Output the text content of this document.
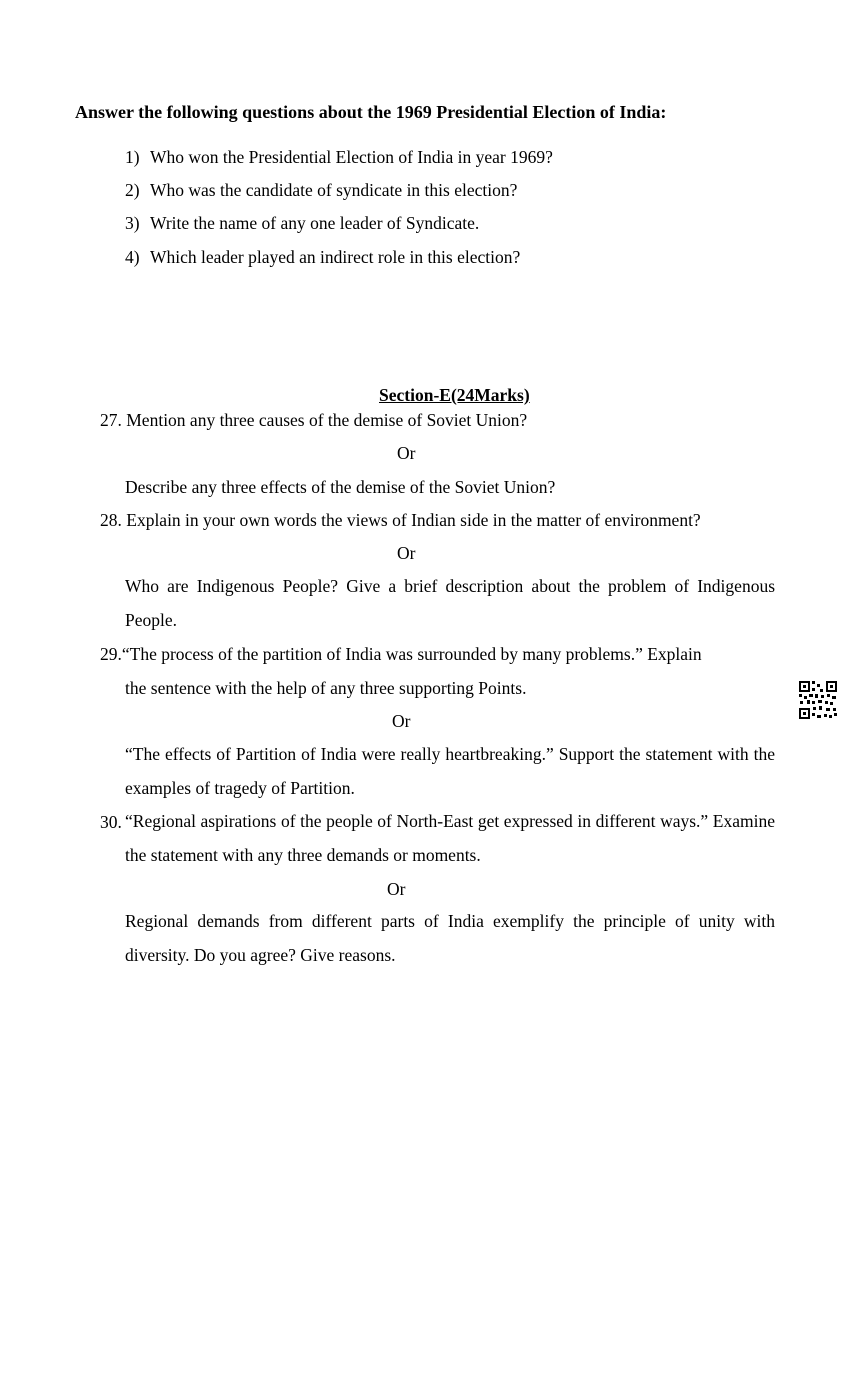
Answer the following questions about the 1969 Presidential Election of India:
1) Who won the Presidential Election of India in year 1969?
2) Who was the candidate of syndicate in this election?
3) Write the name of any one leader of Syndicate.
4) Which leader played an indirect role in this election?
Section-E(24Marks)
27. Mention any three causes of the demise of Soviet Union?
Or
Describe any three effects of the demise of the Soviet Union?
28. Explain in your own words the views of Indian side in the matter of environment?
Or
Who are Indigenous People? Give a brief description about the problem of Indigenous People.
29.“The process of the partition of India was surrounded by many problems.” Explain
the sentence with the help of any three supporting Points.
Or
“The effects of Partition of India were really heartbreaking.” Support the statement with the examples of tragedy of Partition.
30. “Regional aspirations of the people of North-East get expressed in different ways.” Examine the statement with any three demands or moments.
Or
Regional demands from different parts of India exemplify the principle of unity with diversity. Do you agree? Give reasons.
